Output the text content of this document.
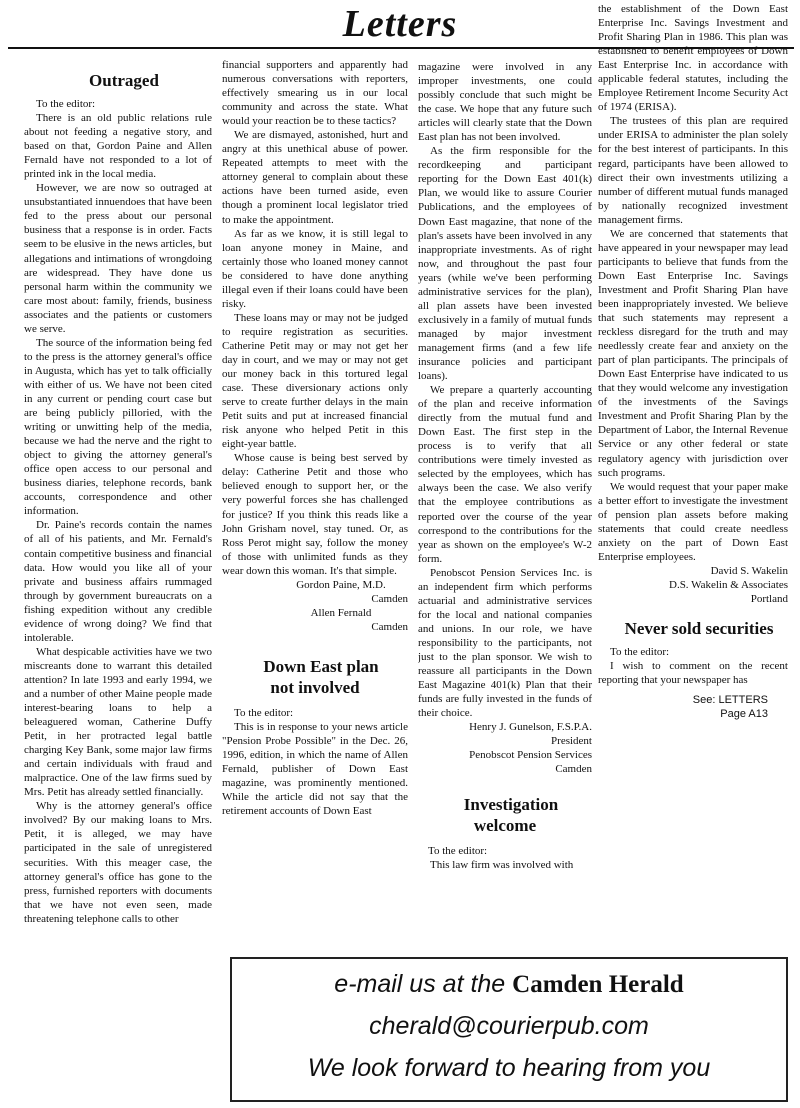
Letters

Outraged

To the editor:

There is an old public relations rule about not feeding a negative story, and based on that, Gordon Paine and Allen Fernald have not responded to a lot of printed ink in the local media.

However, we are now so outraged at unsubstantiated innuendoes that have been fed to the press about our personal business that a response is in order. Facts seem to be elusive in the news articles, but allegations and intimations of wrongdoing are widespread. They have done us personal harm within the community we care most about: family, friends, business associates and the patients or customers we serve.

The source of the information being fed to the press is the attorney general's office in Augusta, which has yet to talk officially with either of us. We have not been cited in any current or pending court case but are being publicly pilloried, with the writing or unwitting help of the media, because we had the nerve and the right to object to giving the attorney general's office open access to our personal and business diaries, telephone records, bank accounts, correspondence and other information.

Dr. Paine's records contain the names of all of his patients, and Mr. Fernald's contain competitive business and financial data. How would you like all of your private and business affairs rummaged through by government bureaucrats on a fishing expedition without any credible evidence of wrong doing? We find that intolerable.

What despicable activities have we two miscreants done to warrant this detailed attention? In late 1993 and early 1994, we and a number of other Maine people made interest-bearing loans to help a beleaguered woman, Catherine Duffy Petit, in her protracted legal battle charging Key Bank, some major law firms and certain individuals with fraud and malpractice. One of the law firms sued by Mrs. Petit has already settled financially.

Why is the attorney general's office involved? By our making loans to Mrs. Petit, it is alleged, we may have participated in the sale of unregistered securities. With this meager case, the attorney general's office has gone to the press, furnished reporters with documents that we have not even seen, made threatening telephone calls to other

financial supporters and apparently had numerous conversations with reporters, effectively smearing us in our local community and across the state. What would your reaction be to these tactics?

We are dismayed, astonished, hurt and angry at this unethical abuse of power. Repeated attempts to meet with the attorney general to complain about these actions have been turned aside, even though a prominent local legislator tried to make the appointment.

As far as we know, it is still legal to loan anyone money in Maine, and certainly those who loaned money cannot be considered to have done anything illegal even if their loans could have been risky.

These loans may or may not be judged to require registration as securities. Catherine Petit may or may not get her day in court, and we may or may not get our money back in this tortured legal case. These diversionary actions only serve to create further delays in the main Petit suits and put at increased financial risk anyone who helped Petit in this eight-year battle.

Whose cause is being best served by delay: Catherine Petit and those who believed enough to support her, or the very powerful forces she has challenged for justice? If you think this reads like a John Grisham novel, stay tuned. Or, as Ross Perot might say, follow the money of those with unlimited funds as they wear down this woman. It's that simple.

Gordon Paine, M.D.

Camden

Allen Fernald

Camden

Down East plan not involved

To the editor:

This is in response to your news article "Pension Probe Possible" in the Dec. 26, 1996, edition, in which the name of Allen Fernald, publisher of Down East magazine, was prominently mentioned. While the article did not say that the retirement accounts of Down East

magazine were involved in any improper investments, one could possibly conclude that such might be the case. We hope that any future such articles will clearly state that the Down East plan has not been involved.

As the firm responsible for the recordkeeping and participant reporting for the Down East 401(k) Plan, we would like to assure Courier Publications, and the employees of Down East magazine, that none of the plan's assets have been involved in any inappropriate investments. As of right now, and throughout the past four years (while we've been performing administrative services for the plan), all plan assets have been invested exclusively in a family of mutual funds managed by major investment management firms (and a few life insurance policies and participant loans).

We prepare a quarterly accounting of the plan and receive information directly from the mutual fund and Down East. The first step in the process is to verify that all contributions were timely invested as selected by the employees, which has always been the case. We also verify that the employee contributions as reported over the course of the year correspond to the contributions for the year as shown on the employee's W-2 form.

Penobscot Pension Services Inc. is an independent firm which performs actuarial and administrative services for the local and national companies and unions. In our role, we have responsibility to the participants, not just to the plan sponsor. We wish to reassure all participants in the Down East Magazine 401(k) Plan that their funds are fully invested in the funds of their choice.

Henry J. Gunelson, F.S.P.A.

President

Penobscot Pension Services

Camden

Investigation welcome

To the editor:

This law firm was involved with

the establishment of the Down East Enterprise Inc. Savings Investment and Profit Sharing Plan in 1986. This plan was established to benefit employees of Down East Enterprise Inc. in accordance with applicable federal statutes, including the Employee Retirement Income Security Act of 1974 (ERISA).

The trustees of this plan are required under ERISA to administer the plan solely for the best interest of participants. In this regard, participants have been allowed to direct their own investments utilizing a number of different mutual funds managed by nationally recognized investment management firms.

We are concerned that statements that have appeared in your newspaper may lead participants to believe that funds from the Down East Enterprise Inc. Savings Investment and Profit Sharing Plan have been inappropriately invested. We believe that such statements may represent a reckless disregard for the truth and may needlessly create fear and anxiety on the part of plan participants. The principals of Down East Enterprise have indicated to us that they would welcome any investigation of the investments of the Savings Investment and Profit Sharing Plan by the Department of Labor, the Internal Revenue Service or any other federal or state regulatory agency with jurisdiction over such programs.

We would request that your paper make a better effort to investigate the investment of pension plan assets before making statements that could create needless anxiety on the part of Down East Enterprise employees.

David S. Wakelin

D.S. Wakelin & Associates

Portland

Never sold securities

To the editor:

I wish to comment on the recent reporting that your newspaper has

See: LETTERS

Page A13

e-mail us at the Camden Herald
cherald@courierpub.com
We look forward to hearing from you
